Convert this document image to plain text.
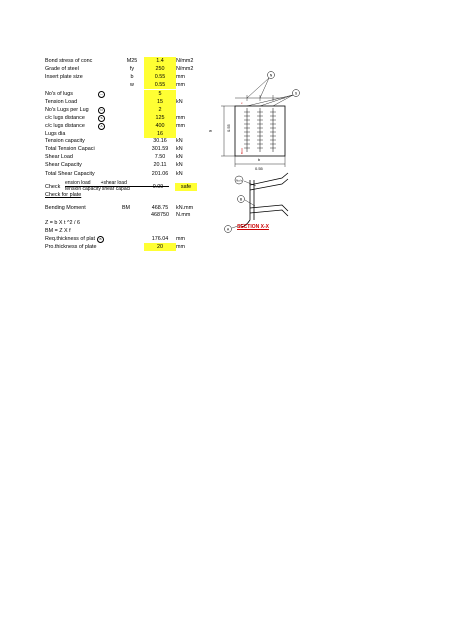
Bond stress of conc	M25	1.4	N/mm2
Grade of steel	fy	250	N/mm2
Insert plate size	b	0.55	mm
w	0.55	mm
No's of lugs	—	5
Tension Load	15	kN
No's Lugs per Lug	N	2
c/c lugs distance	S	125	mm
c/c lugs distance	A	400	mm
Lugs dia	16
Tension capacity	30.16	kN
Total Tension Capaci	301.59	kN
Shear Load	7.50	kN
Shear Capacity	20.11	kN
Total Shear Capacity	201.06	kN
Check
ension load +shear load
tension capacityshear capaci	0.09	safe
Check for plate
Bending Moment	BM	468.75	kN.mm
468750	N.mm
Z = b X t ^2 / 6
BM = Z X f
Req.thickness of plat	B	176.04	mm
Pro.thickness of plate	20	mm
N
S
w	0.55
b
0.55
x
No's
B
A SECTION X-X
